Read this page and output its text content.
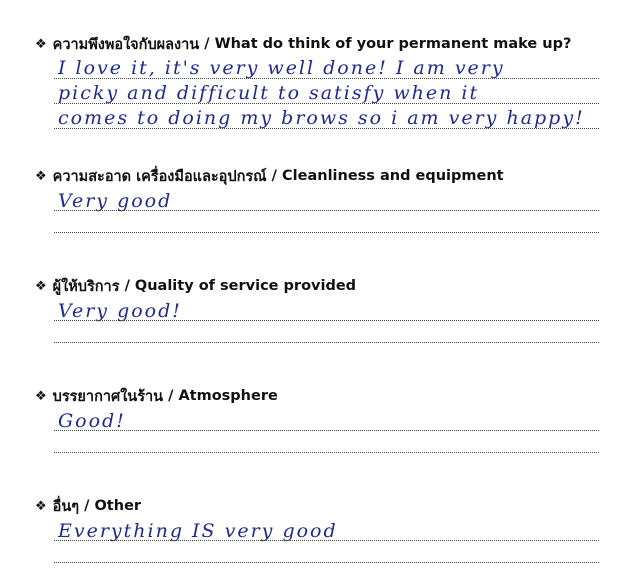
❖ ความพึงพอใจกับผลงาน
/ What do think of your permanent make up?
I love it, it's very well done! I am very
picky and difficult to satisfy when it
comes to doing my brows so i am very happy!
❖ ความสะอาด เครื่องมือและอุปกรณ์
/ Cleanliness and equipment
Very good
❖ ผู้ให้บริการ
/ Quality of service provided
Very good!
❖ บรรยากาศในร้าน
/ Atmosphere
Good!
❖ อื่นๆ
/ Other
Everything IS very good
